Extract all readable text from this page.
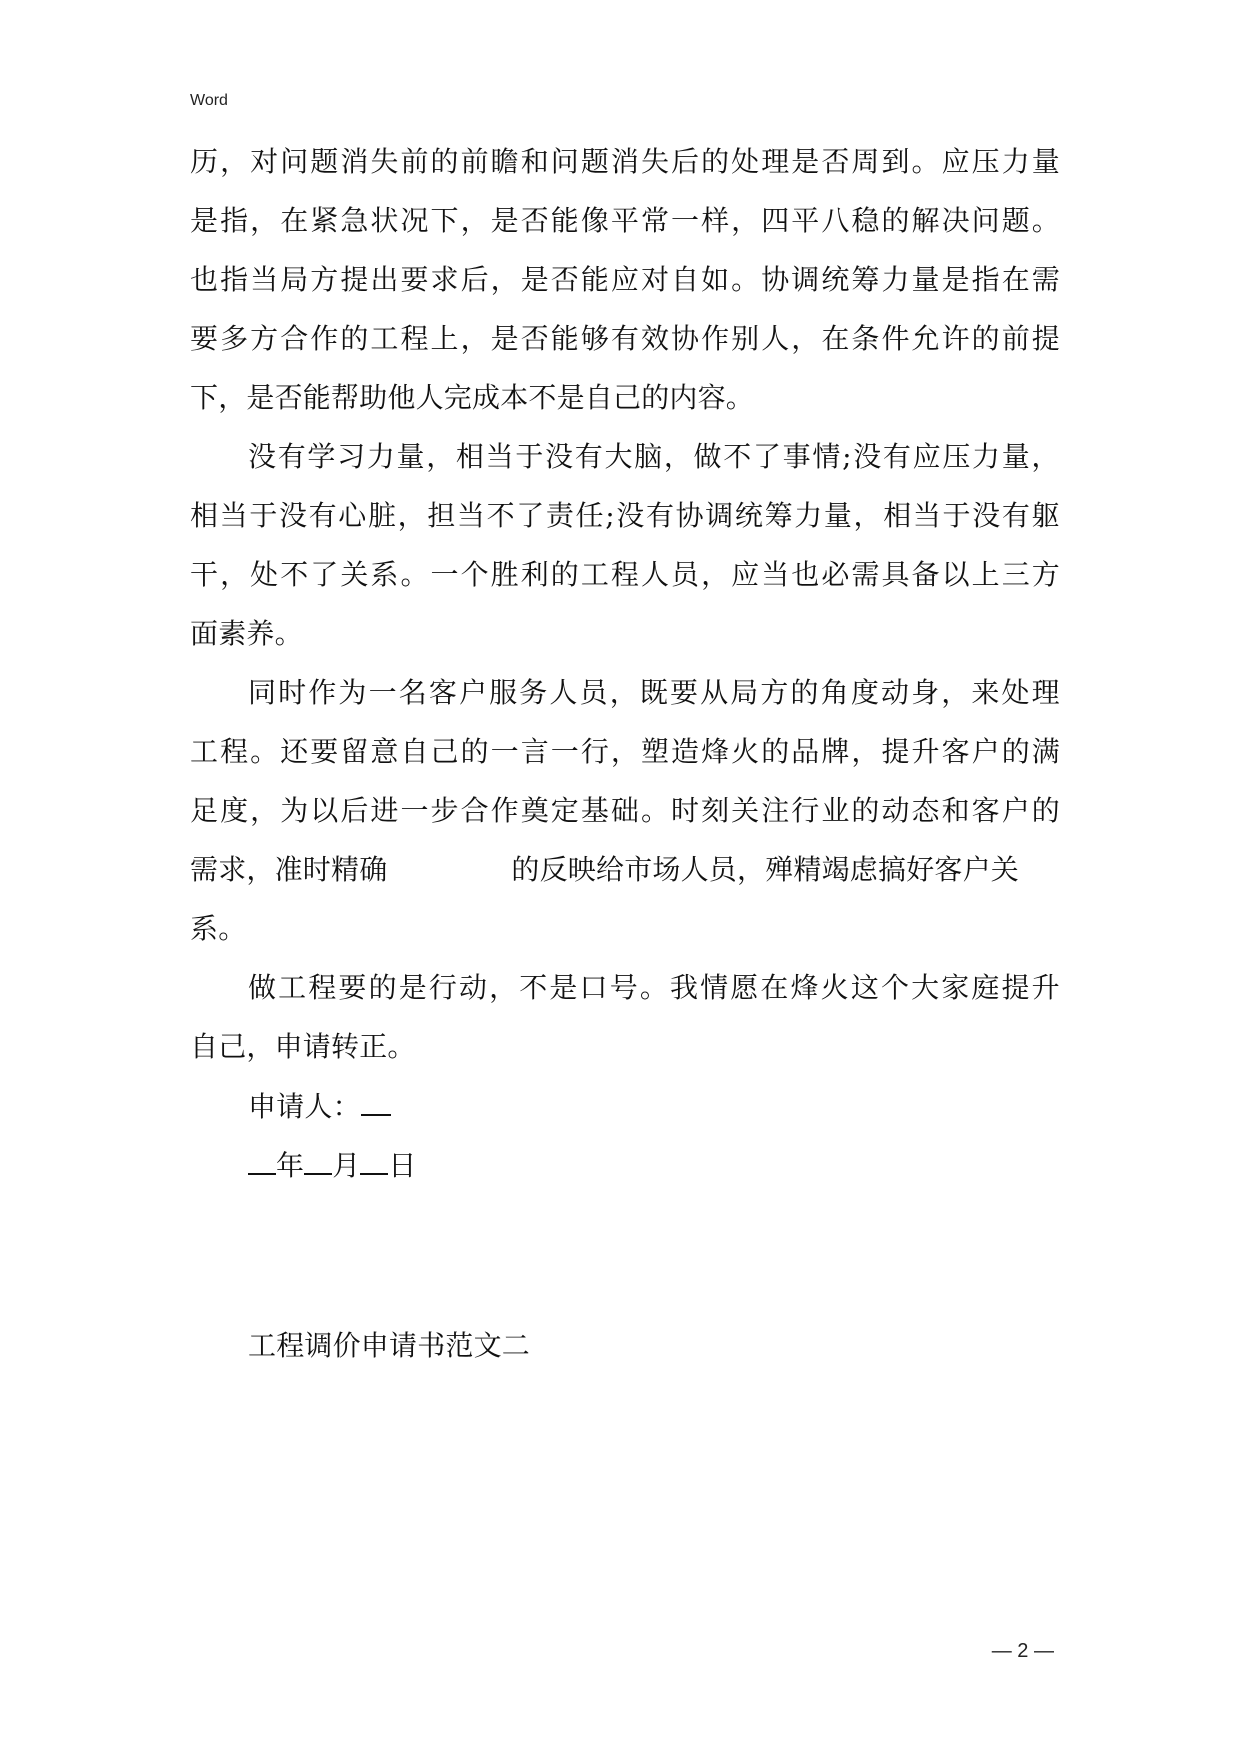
Word
历 ， 对 问 题 消 失 前 的 前 瞻 和 问 题 消 失 后 的 处 理 是 否 周 到 。 应 压 力 量
是 指 ， 在 紧 急 状 况 下 ， 是 否 能 像 平 常 一 样 ， 四 平 八 稳 的 解 决 问 题 。
也 指 当 局 方 提 出 要 求 后 ， 是 否 能 应 对 自 如 。 协 调 统 筹 力 量 是 指 在 需
要 多 方 合 作 的 工 程 上 ， 是 否 能 够 有 效 协 作 别 人 ， 在 条 件 允 许 的 前 提
下，是否能帮助他人完成本不是自己的内容。
没 有 学 习 力 量 ， 相 当 于 没 有 大 脑 ， 做 不 了 事 情 ; 没 有 应 压 力 量 ，
相 当 于 没 有 心 脏 ， 担 当 不 了 责 任 ; 没 有 协 调 统 筹 力 量 ， 相 当 于 没 有 躯
干 ， 处 不 了 关 系 。 一 个 胜 利 的 工 程 人 员 ， 应 当 也 必 需 具 备 以 上 三 方
面素养。
同 时 作 为 一 名 客 户 服 务 人 员 ， 既 要 从 局 方 的 角 度 动 身 ， 来 处 理
工 程 。 还 要 留 意 自 己 的 一 言 一 行 ， 塑 造 烽 火 的 品 牌 ， 提 升 客 户 的 满
足 度 ， 为 以 后 进 一 步 合 作 奠 定 基 础 。 时 刻 关 注 行 业 的 动 态 和 客 户 的
需求，准时精确	的反映给市场人员，殚精竭虑搞好客户关
系。
做 工 程 要 的 是 行 动 ， 不 是 口 号 。 我 情 愿 在 烽 火 这 个 大 家 庭 提 升
自己，申请转正。
申请人：
年 月 日
工程调价申请书范文二
— 2 —
